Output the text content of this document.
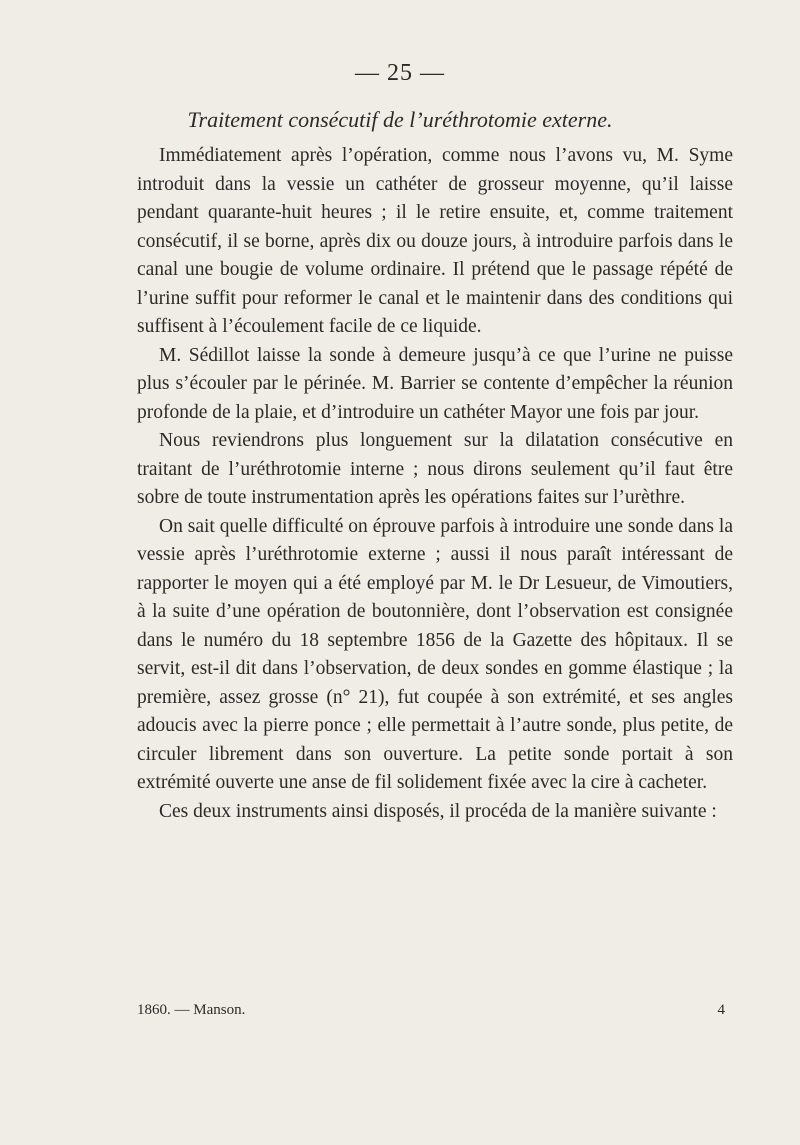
— 25 —
Traitement consécutif de l’uréthrotomie externe.

Immédiatement après l’opération, comme nous l’avons vu, M. Syme introduit dans la vessie un cathéter de grosseur moyenne, qu’il laisse pendant quarante-huit heures ; il le retire ensuite, et, comme traitement consécutif, il se borne, après dix ou douze jours, à introduire parfois dans le canal une bougie de volume ordinaire. Il prétend que le passage répété de l’urine suffit pour reformer le canal et le maintenir dans des conditions qui suffisent à l’écoulement facile de ce liquide.

M. Sédillot laisse la sonde à demeure jusqu’à ce que l’urine ne puisse plus s’écouler par le périnée. M. Barrier se contente d’empêcher la réunion profonde de la plaie, et d’introduire un cathéter Mayor une fois par jour.

Nous reviendrons plus longuement sur la dilatation consécutive en traitant de l’uréthrotomie interne ; nous dirons seulement qu’il faut être sobre de toute instrumentation après les opérations faites sur l’urèthre.

On sait quelle difficulté on éprouve parfois à introduire une sonde dans la vessie après l’uréthrotomie externe ; aussi il nous paraît intéressant de rapporter le moyen qui a été employé par M. le Dr Lesueur, de Vimoutiers, à la suite d’une opération de boutonnière, dont l’observation est consignée dans le numéro du 18 septembre 1856 de la Gazette des hôpitaux. Il se servit, est-il dit dans l’observation, de deux sondes en gomme élastique ; la première, assez grosse (n° 21), fut coupée à son extrémité, et ses angles adoucis avec la pierre ponce ; elle permettait à l’autre sonde, plus petite, de circuler librement dans son ouverture. La petite sonde portait à son extrémité ouverte une anse de fil solidement fixée avec la cire à cacheter.

Ces deux instruments ainsi disposés, il procéda de la manière suivante :

1860. — Manson.	4
